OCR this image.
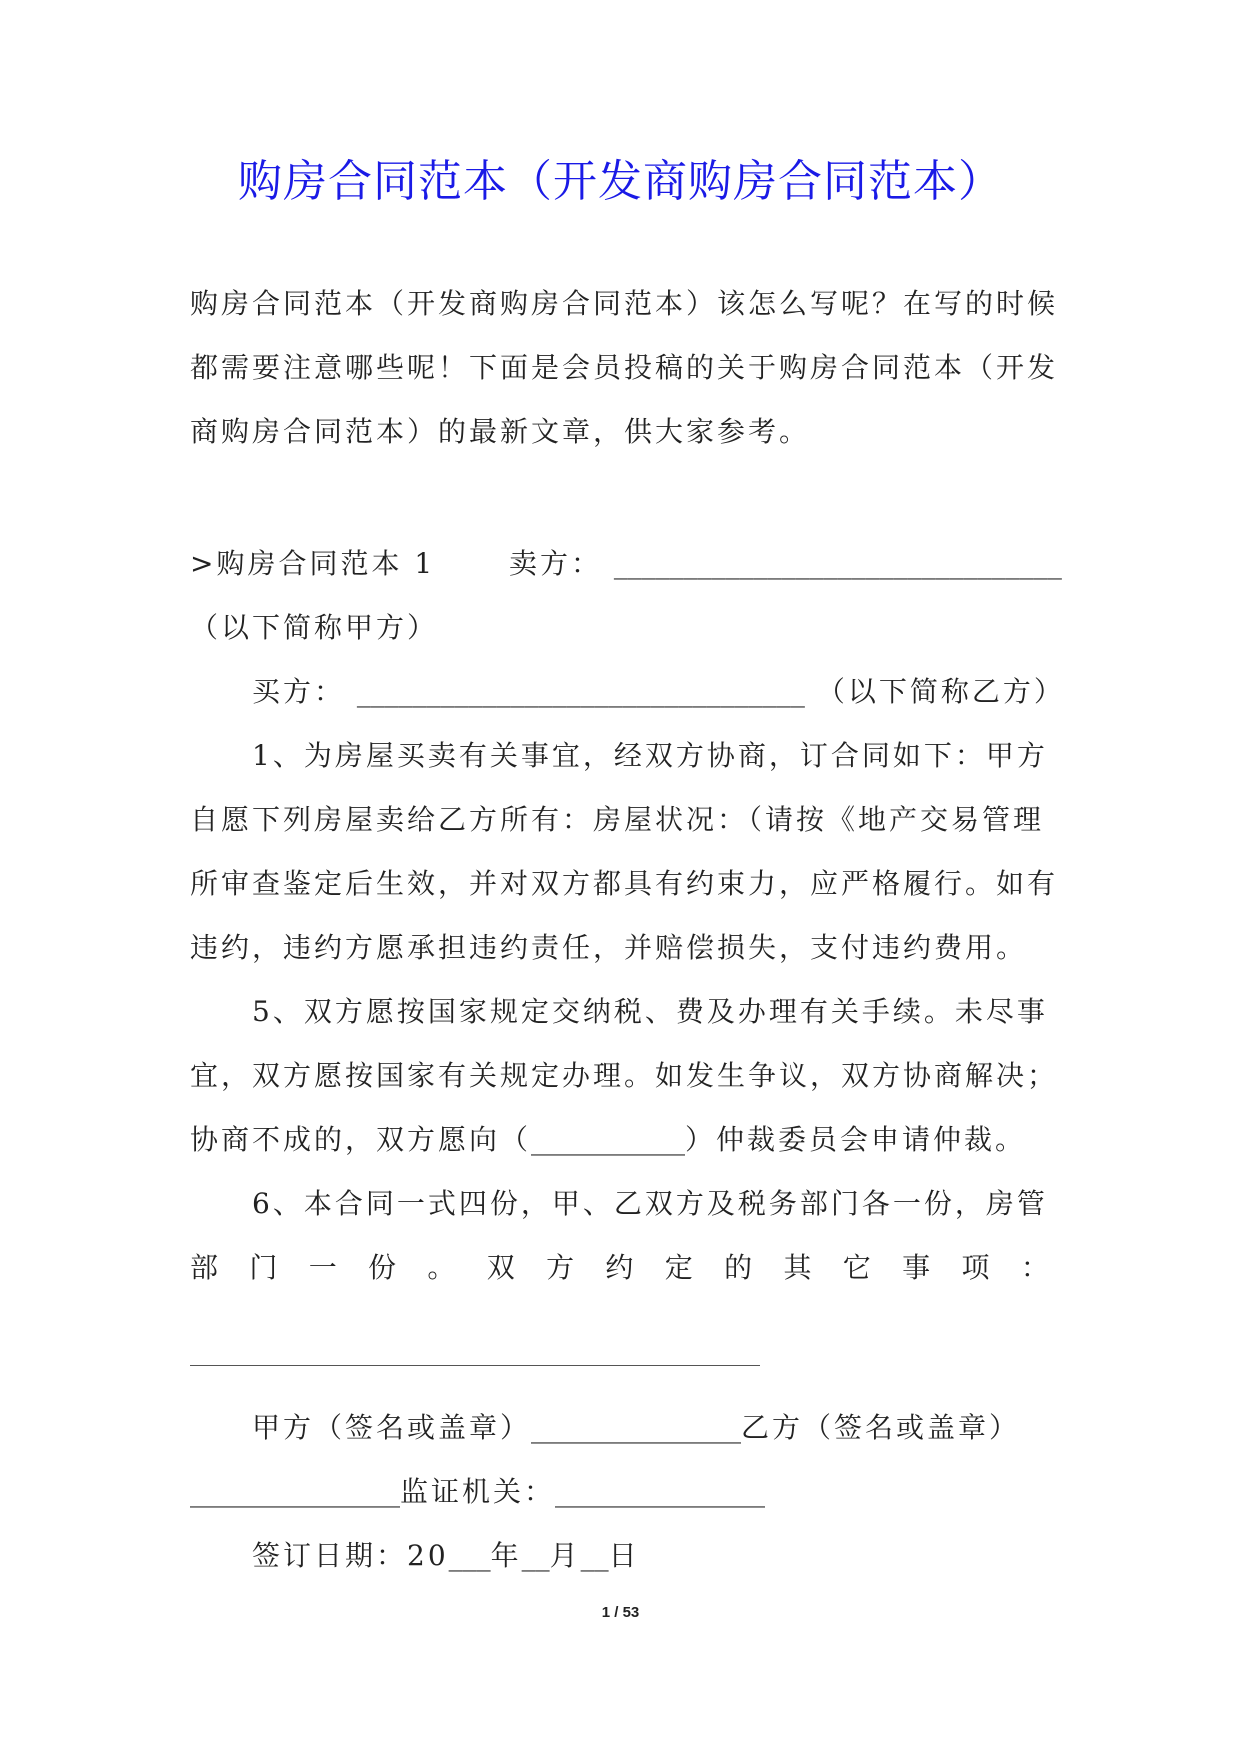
购房合同范本（开发商购房合同范本）
购房合同范本（开发商购房合同范本）该怎么写呢？在写的时候
都需要注意哪些呢！下面是会员投稿的关于购房合同范本（开发
商购房合同范本）的最新文章，供大家参考。
>购房合同范本 1	卖方： ________________________________
（以下简称甲方）
买方： ________________________________ （以下简称乙方）
1、为房屋买卖有关事宜，经双方协商，订合同如下：甲方
自愿下列房屋卖给乙方所有：房屋状况：（请按《地产交易管理
所审查鉴定后生效，并对双方都具有约束力，应严格履行。如有
违约，违约方愿承担违约责任，并赔偿损失，支付违约费用。
5、双方愿按国家规定交纳税、费及办理有关手续。未尽事
宜，双方愿按国家有关规定办理。如发生争议，双方协商解决；
协商不成的，双方愿向（___________）仲裁委员会申请仲裁。
6、本合同一式四份，甲、乙双方及税务部门各一份，房管
部 门 一 份 。 双 方 约 定 的 其 它 事 项 ：
甲方（签名或盖章）_______________乙方（签名或盖章）
_______________监证机关：_______________
签订日期：20___年__月__日
1 / 53
